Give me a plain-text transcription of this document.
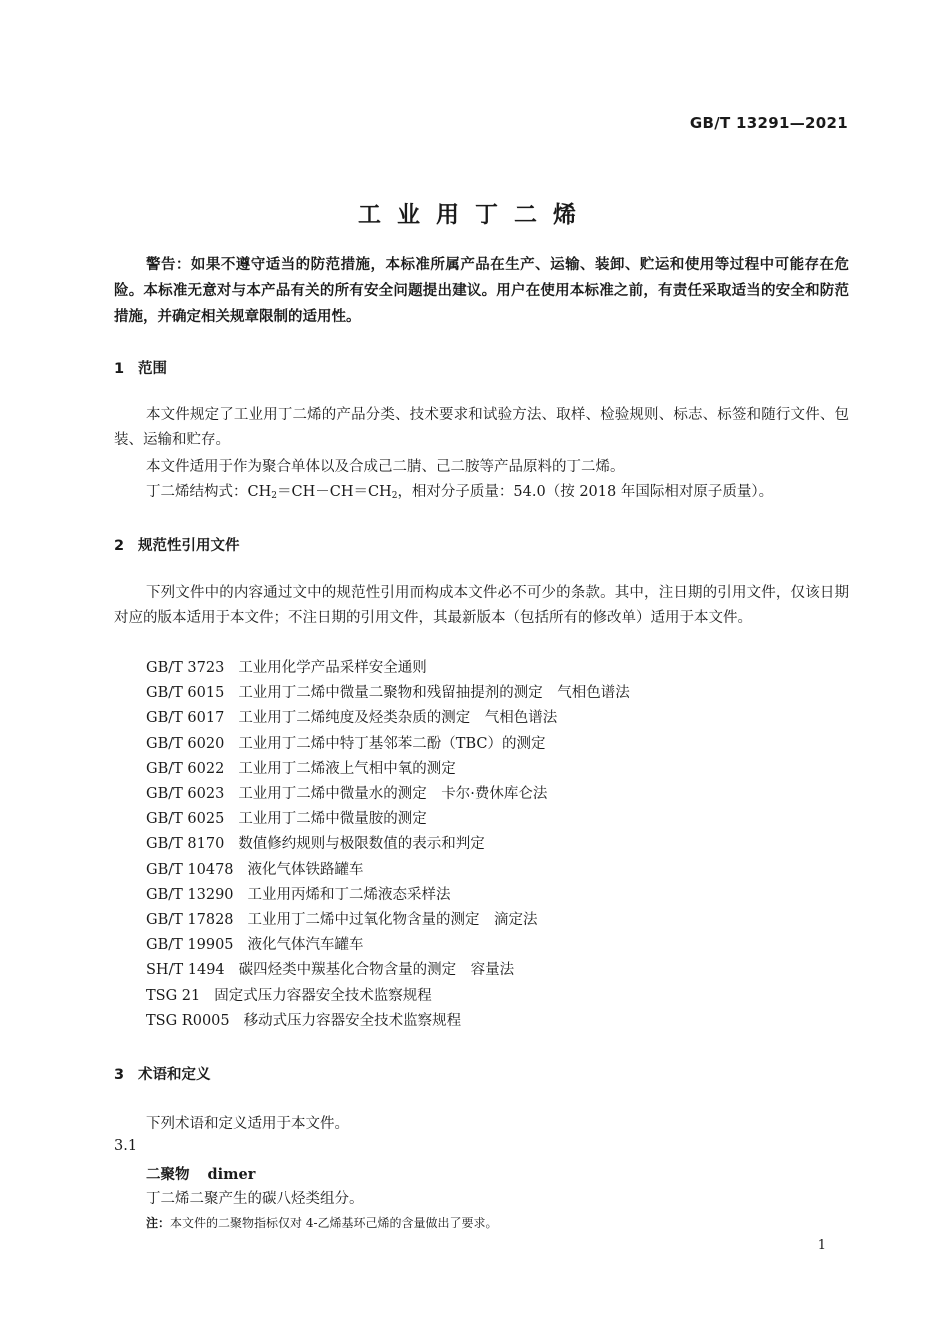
GB/T 13291—2021
工业用丁二烯

警告：如果不遵守适当的防范措施，本标准所属产品在生产、运输、装卸、贮运和使用等过程中可能存在危险。本标准无意对与本产品有关的所有安全问题提出建议。用户在使用本标准之前，有责任采取适当的安全和防范措施，并确定相关规章限制的适用性。

1 范围

本文件规定了工业用丁二烯的产品分类、技术要求和试验方法、取样、检验规则、标志、标签和随行文件、包装、运输和贮存。

本文件适用于作为聚合单体以及合成己二腈、己二胺等产品原料的丁二烯。

丁二烯结构式：$CH_2=CH-CH=CH_2$，相对分子质量：54.0（按 2018 年国际相对原子质量）。

2 规范性引用文件

下列文件中的内容通过文中的规范性引用而构成本文件必不可少的条款。其中，注日期的引用文件，仅该日期对应的版本适用于本文件；不注日期的引用文件，其最新版本（包括所有的修改单）适用于本文件。

GB/T 3723 工业用化学产品采样安全通则
GB/T 6015 工业用丁二烯中微量二聚物和残留抽提剂的测定　气相色谱法
GB/T 6017 工业用丁二烯纯度及烃类杂质的测定　气相色谱法
GB/T 6020 工业用丁二烯中特丁基邻苯二酚（TBC）的测定
GB/T 6022 工业用丁二烯液上气相中氧的测定
GB/T 6023 工业用丁二烯中微量水的测定　卡尔·费休库仑法
GB/T 6025 工业用丁二烯中微量胺的测定
GB/T 8170 数值修约规则与极限数值的表示和判定
GB/T 10478 液化气体铁路罐车
GB/T 13290 工业用丙烯和丁二烯液态采样法
GB/T 17828 工业用丁二烯中过氧化物含量的测定　滴定法
GB/T 19905 液化气体汽车罐车
SH/T 1494 碳四烃类中羰基化合物含量的测定　容量法
TSG 21 固定式压力容器安全技术监察规程
TSG R0005 移动式压力容器安全技术监察规程
3 术语和定义

下列术语和定义适用于本文件。

3.1

二聚物 dimer

丁二烯二聚产生的碳八烃类组分。

注：本文件的二聚物指标仅对 4-乙烯基环己烯的含量做出了要求。
1
